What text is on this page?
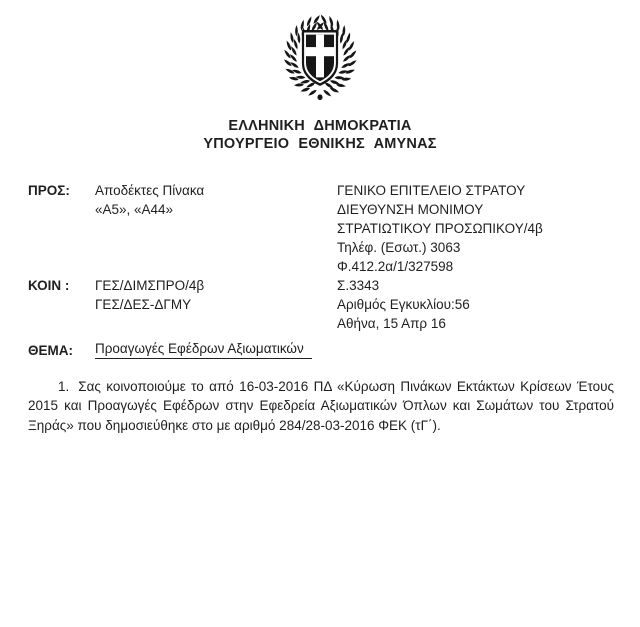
ΕΛΛΗΝΙΚΗ ΔΗΜΟΚΡΑΤΙΑ
ΥΠΟΥΡΓΕΙΟ ΕΘΝΙΚΗΣ ΑΜΥΝΑΣ
ΠΡΟΣ: Αποδέκτες Πίνακα
«Α5», «Α44»
ΚΟΙΝ : ΓΕΣ/ΔΙΜΣΠΡΟ/4β
ΓΕΣ/ΔΕΣ-ΔΓΜΥ
ΓΕΝΙΚΟ ΕΠΙΤΕΛΕΙΟ ΣΤΡΑΤΟΥ
ΔΙΕΥΘΥΝΣΗ ΜΟΝΙΜΟΥ
ΣΤΡΑΤΙΩΤΙΚΟΥ ΠΡΟΣΩΠΙΚΟΥ/4β
Τηλέφ. (Εσωτ.) 3063
Φ.412.2α/1/327598
Σ.3343
Αριθμός Εγκυκλίου:56
Αθήνα, 15 Απρ 16
ΘΕΜΑ: Προαγωγές Εφέδρων Αξιωματικών
1. Σας κοινοποιούμε το από 16-03-2016 ΠΔ «Κύρωση Πινάκων Εκτάκτων Κρίσεων Έτους 2015 και Προαγωγές Εφέδρων στην Εφεδρεία Αξιωματικών Όπλων και Σωμάτων του Στρατού Ξηράς» που δημοσιεύθηκε στο με αριθμό 284/28-03-2016 ΦΕΚ (τΓ΄).
